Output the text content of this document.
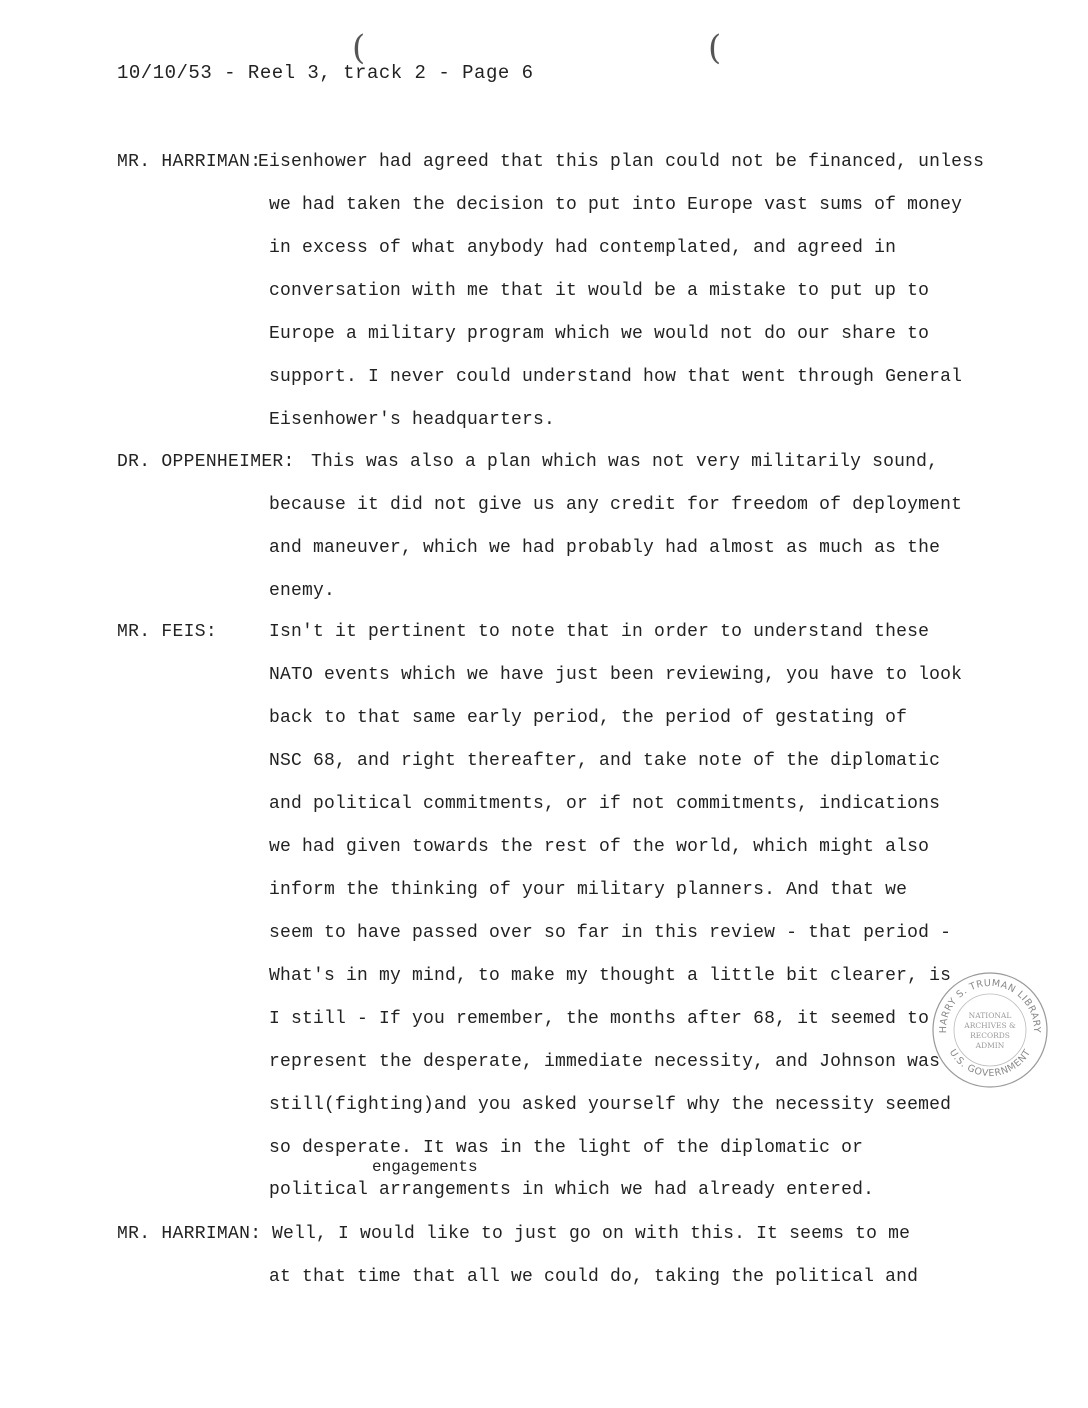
(	(
10/10/53 - Reel 3, track 2 - Page 6
MR. HARRIMAN:
Eisenhower had agreed that this plan could not be financed, unless
we had taken the decision to put into Europe vast sums of money
in excess of what anybody had contemplated, and agreed in
conversation with me that it would be a mistake to put up to
Europe a military program which we would not do our share to
support. I never could understand how that went through General
Eisenhower's headquarters.
DR. OPPENHEIMER: This was also a plan which was not very militarily sound,
because it did not give us any credit for freedom of deployment
and maneuver, which we had probably had almost as much as the
enemy.
MR. FEIS:	Isn't it pertinent to note that in order to understand these
NATO events which we have just been reviewing, you have to look
back to that same early period, the period of gestating of
NSC 68, and right thereafter, and take note of the diplomatic
and political commitments, or if not commitments, indications
we had given towards the rest of the world, which might also
inform the thinking of your military planners. And that we
seem to have passed over so far in this review - that period -
What's in my mind, to make my thought a little bit clearer, is
I still - If you remember, the months after 68, it seemed to
represent the desperate, immediate necessity, and Johnson was
still(fighting)and you asked yourself why the necessity seemed
so desperate. It was in the light of the diplomatic or
engagements
political arrangements in which we had already entered.
MR. HARRIMAN: Well, I would like to just go on with this. It seems to me
at that time that all we could do, taking the political and
HARRY S. TRUMAN LIBRARY
U.S. GOVERNMENT
NATIONAL
ARCHIVES &
RECORDS
ADMIN
